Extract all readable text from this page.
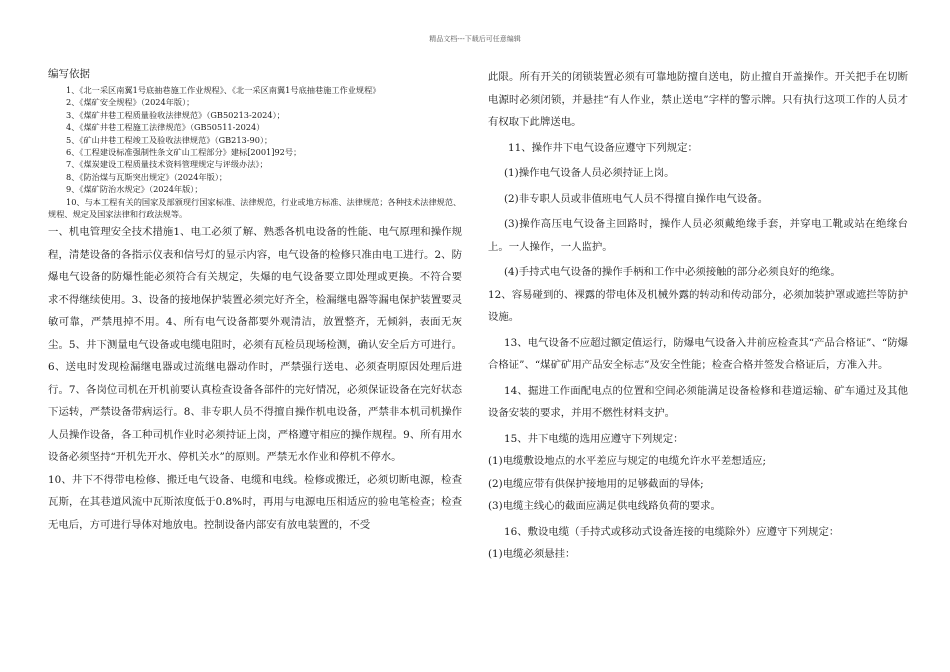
精品文档---下载后可任意编辑
编写依据
1、《北一采区南翼1号底抽巷施工作业规程》、《北一采区南翼1号底抽巷施工作业规程》
2、《煤矿安全规程》（2024年版）；
3、《煤矿井巷工程质量验收法律规范》（GB50213-2024）；
4、《煤矿井巷工程施工法律规范》（GB50511-2024）
5、《矿山井巷工程竣工及验收法律规范》（GB213-90）；
6、《工程建设标准强制性条文矿山工程部分》建标[2001]92号；
7、《煤炭建设工程质量技术资料管理规定与评级办法》；
8、《防治煤与瓦斯突出规定》（2024年版）；
9、《煤矿防治水规定》（2024年版）；
10、与本工程有关的国家及部颁现行国家标准、法律规范，行业或地方标准、法律规范；各种技术法律规范、规程、规定及国家法律和行政法规等。

一、机电管理安全技术措施1、电工必须了解、熟悉各机电设备的性能、电气原理和操作规程，清楚设备的各指示仪表和信号灯的显示内容，电气设备的检修只准由电工进行。2、防爆电气设备的防爆性能必须符合有关规定，失爆的电气设备要立即处理或更换。不符合要求不得继续使用。3、设备的接地保护装置必须完好齐全，检漏继电器等漏电保护装置要灵敏可靠，严禁甩掉不用。4、所有电气设备都要外观清洁，放置整齐，无倾斜，表面无灰尘。5、井下测量电气设备或电缆电阻时，必须有瓦检员现场检测，确认安全后方可进行。6、送电时发现检漏继电器或过流继电器动作时，严禁强行送电、必须查明原因处理后进行。7、各岗位司机在开机前要认真检查设备各部件的完好情况，必须保证设备在完好状态下运转，严禁设备带病运行。8、非专职人员不得擅自操作机电设备，严禁非本机司机操作人员操作设备，各工种司机作业时必须持证上岗，严格遵守相应的操作规程。9、所有用水设备必须坚持“开机先开水、停机关水”的原则。严禁无水作业和停机不停水。

10、井下不得带电检修、搬迁电气设备、电缆和电线。检修或搬迁，必须切断电源，检查瓦斯，在其巷道风流中瓦斯浓度低于0.8%时，再用与电源电压相适应的验电笔检查；检查无电后，方可进行导体对地放电。控制设备内部安有放电装置的，不受

此限。所有开关的闭锁装置必须有可靠地防擅自送电，防止擅自开盖操作。开关把手在切断电源时必须闭锁，并悬挂“有人作业，禁止送电”字样的警示牌。只有执行这项工作的人员才有权取下此牌送电。

11、操作井下电气设备应遵守下列规定：

(1)操作电气设备人员必须持证上岗。

(2)非专职人员或非值班电气人员不得擅自操作电气设备。

(3)操作高压电气设备主回路时，操作人员必须戴绝缘手套，并穿电工靴或站在绝缘台上。一人操作，一人监护。

(4)手持式电气设备的操作手柄和工作中必须接触的部分必须良好的绝缘。

12、容易碰到的、裸露的带电体及机械外露的转动和传动部分，必须加装护罩或遮拦等防护设施。

13、电气设备不应超过额定值运行，防爆电气设备入井前应检查其“产品合格证”、“防爆合格证”、“煤矿矿用产品安全标志”及安全性能；检查合格并签发合格证后，方准入井。

14、掘进工作面配电点的位置和空间必须能满足设备检修和巷道运输、矿车通过及其他设备安装的要求，并用不燃性材料支护。

15、井下电缆的选用应遵守下列规定：

(1)电缆敷设地点的水平差应与规定的电缆允许水平差想适应;

(2)电缆应带有供保护接地用的足够截面的导体;

(3)电缆主线心的截面应满足供电线路负荷的要求。

16、敷设电缆（手持式或移动式设备连接的电缆除外）应遵守下列规定：

(1)电缆必须悬挂：
